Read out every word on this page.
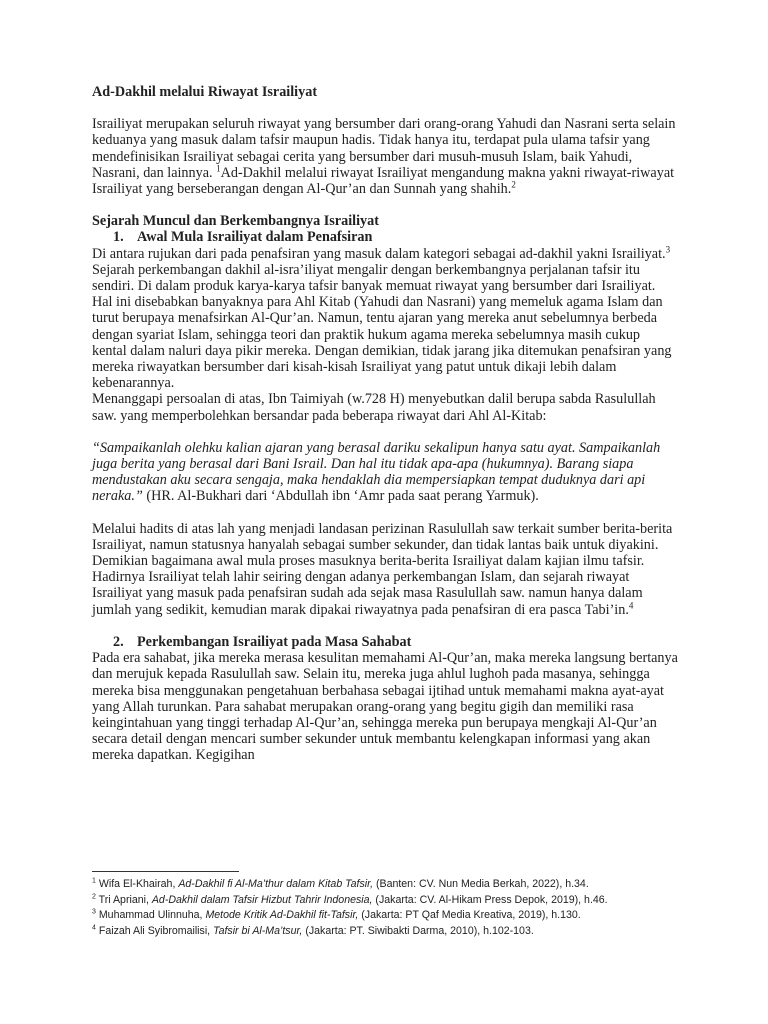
Ad-Dakhil melalui Riwayat Israiliyat

Israiliyat merupakan seluruh riwayat yang bersumber dari orang-orang Yahudi dan Nasrani serta selain keduanya yang masuk dalam tafsir maupun hadis. Tidak hanya itu, terdapat pula ulama tafsir yang mendefinisikan Israiliyat sebagai cerita yang bersumber dari musuh-musuh Islam, baik Yahudi, Nasrani, dan lainnya. $^1$Ad-Dakhil melalui riwayat Israiliyat mengandung makna yakni riwayat-riwayat Israiliyat yang berseberangan dengan Al-Qur’an dan Sunnah yang shahih.$^2$

Sejarah Muncul dan Berkembangnya Israiliyat

1. Awal Mula Israiliyat dalam Penafsiran

Di antara rujukan dari pada penafsiran yang masuk dalam kategori sebagai ad-dakhil yakni Israiliyat.$^3$

Sejarah perkembangan dakhil al-isra’iliyat mengalir dengan berkembangnya perjalanan tafsir itu sendiri. Di dalam produk karya-karya tafsir banyak memuat riwayat yang bersumber dari Israiliyat. Hal ini disebabkan banyaknya para Ahl Kitab (Yahudi dan Nasrani) yang memeluk agama Islam dan turut berupaya menafsirkan Al-Qur’an. Namun, tentu ajaran yang mereka anut sebelumnya berbeda dengan syariat Islam, sehingga teori dan praktik hukum agama mereka sebelumnya masih cukup kental dalam naluri daya pikir mereka. Dengan demikian, tidak jarang jika ditemukan penafsiran yang mereka riwayatkan bersumber dari kisah-kisah Israiliyat yang patut untuk dikaji lebih dalam kebenarannya.

Menanggapi persoalan di atas, Ibn Taimiyah (w.728 H) menyebutkan dalil berupa sabda Rasulullah saw. yang memperbolehkan bersandar pada beberapa riwayat dari Ahl Al-Kitab:

“Sampaikanlah olehku kalian ajaran yang berasal dariku sekalipun hanya satu ayat. Sampaikanlah juga berita yang berasal dari Bani Israil. Dan hal itu tidak apa-apa (hukumnya). Barang siapa mendustakan aku secara sengaja, maka hendaklah dia mempersiapkan tempat duduknya dari api neraka.” (HR. Al-Bukhari dari ‘Abdullah ibn ‘Amr pada saat perang Yarmuk).

Melalui hadits di atas lah yang menjadi landasan perizinan Rasulullah saw terkait sumber berita-berita Israiliyat, namun statusnya hanyalah sebagai sumber sekunder, dan tidak lantas baik untuk diyakini. Demikian bagaimana awal mula proses masuknya berita-berita Israiliyat dalam kajian ilmu tafsir. Hadirnya Israiliyat telah lahir seiring dengan adanya perkembangan Islam, dan sejarah riwayat Israiliyat yang masuk pada penafsiran sudah ada sejak masa Rasulullah saw. namun hanya dalam jumlah yang sedikit, kemudian marak dipakai riwayatnya pada penafsiran di era pasca Tabi’in.$^4$

2. Perkembangan Israiliyat pada Masa Sahabat

Pada era sahabat, jika mereka merasa kesulitan memahami Al-Qur’an, maka mereka langsung bertanya dan merujuk kepada Rasulullah saw. Selain itu, mereka juga ahlul lughoh pada masanya, sehingga mereka bisa menggunakan pengetahuan berbahasa sebagai ijtihad untuk memahami makna ayat-ayat yang Allah turunkan. Para sahabat merupakan orang-orang yang begitu gigih dan memiliki rasa keingintahuan yang tinggi terhadap Al-Qur’an, sehingga mereka pun berupaya mengkaji Al-Qur’an secara detail dengan mencari sumber sekunder untuk membantu kelengkapan informasi yang akan mereka dapatkan. Kegigihan

$^1$ Wifa El-Khairah, Ad-Dakhil fi Al-Ma’thur dalam Kitab Tafsir, (Banten: CV. Nun Media Berkah, 2022), h.34.
$^2$ Tri Apriani, Ad-Dakhil dalam Tafsir Hizbut Tahrir Indonesia, (Jakarta: CV. Al-Hikam Press Depok, 2019), h.46.
$^3$ Muhammad Ulinnuha, Metode Kritik Ad-Dakhil fit-Tafsir, (Jakarta: PT Qaf Media Kreativa, 2019), h.130.
$^4$ Faizah Ali Syibromailisi, Tafsir bi Al-Ma’tsur, (Jakarta: PT. Siwibakti Darma, 2010), h.102-103.
